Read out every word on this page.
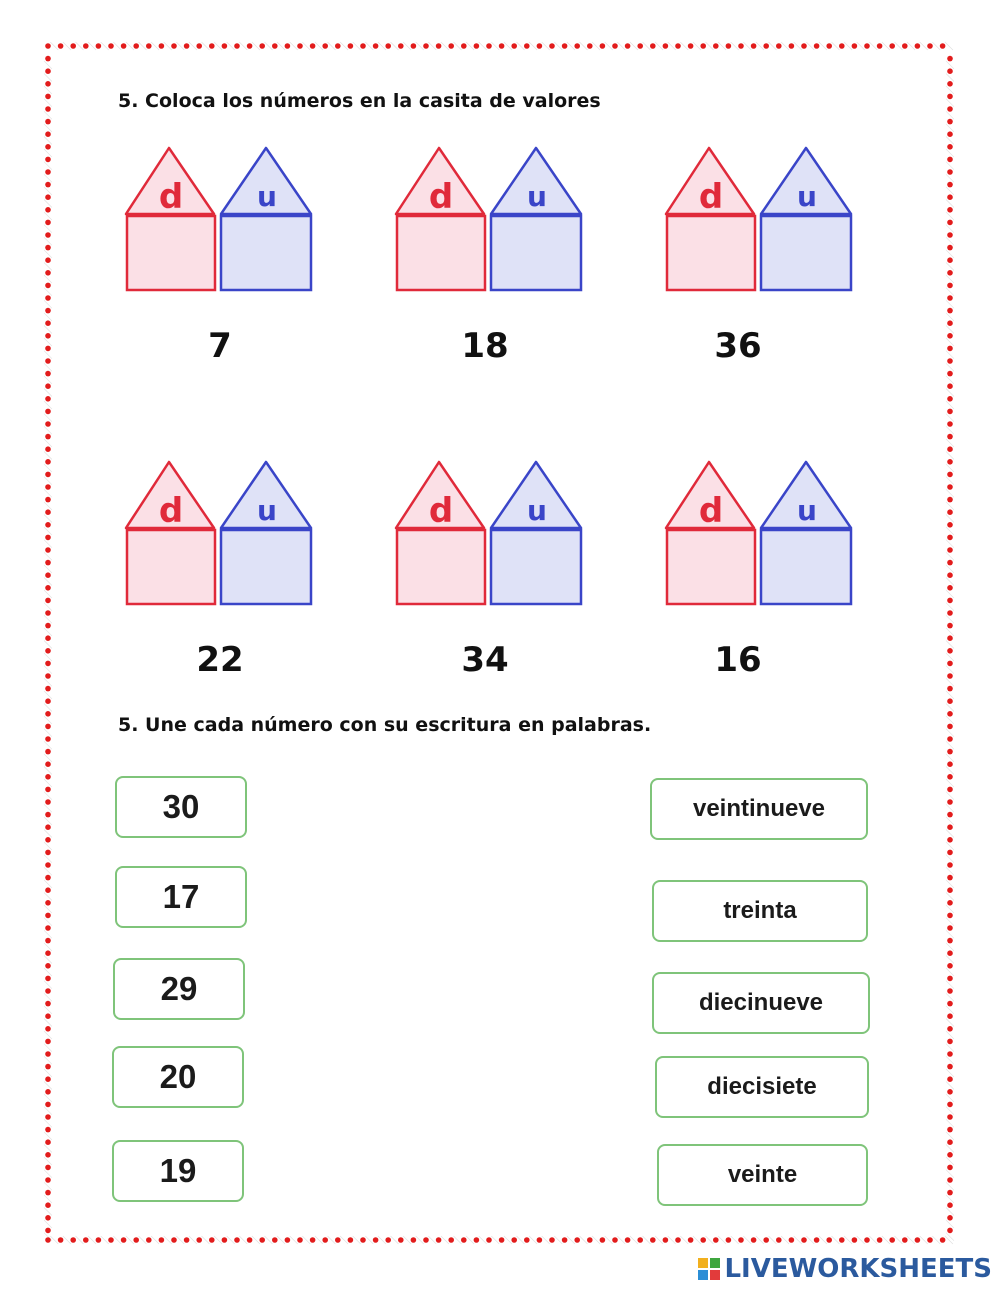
5. Coloca los números en la casita de valores
d	u	d	u	d	u
7	18	36
d	u	d	u	d	u
22	34	16
5. Une cada número con su escritura en palabras.
30
17
29
20
19
veintinueve
treinta
diecinueve
diecisiete
veinte
LIVEWORKSHEETS
